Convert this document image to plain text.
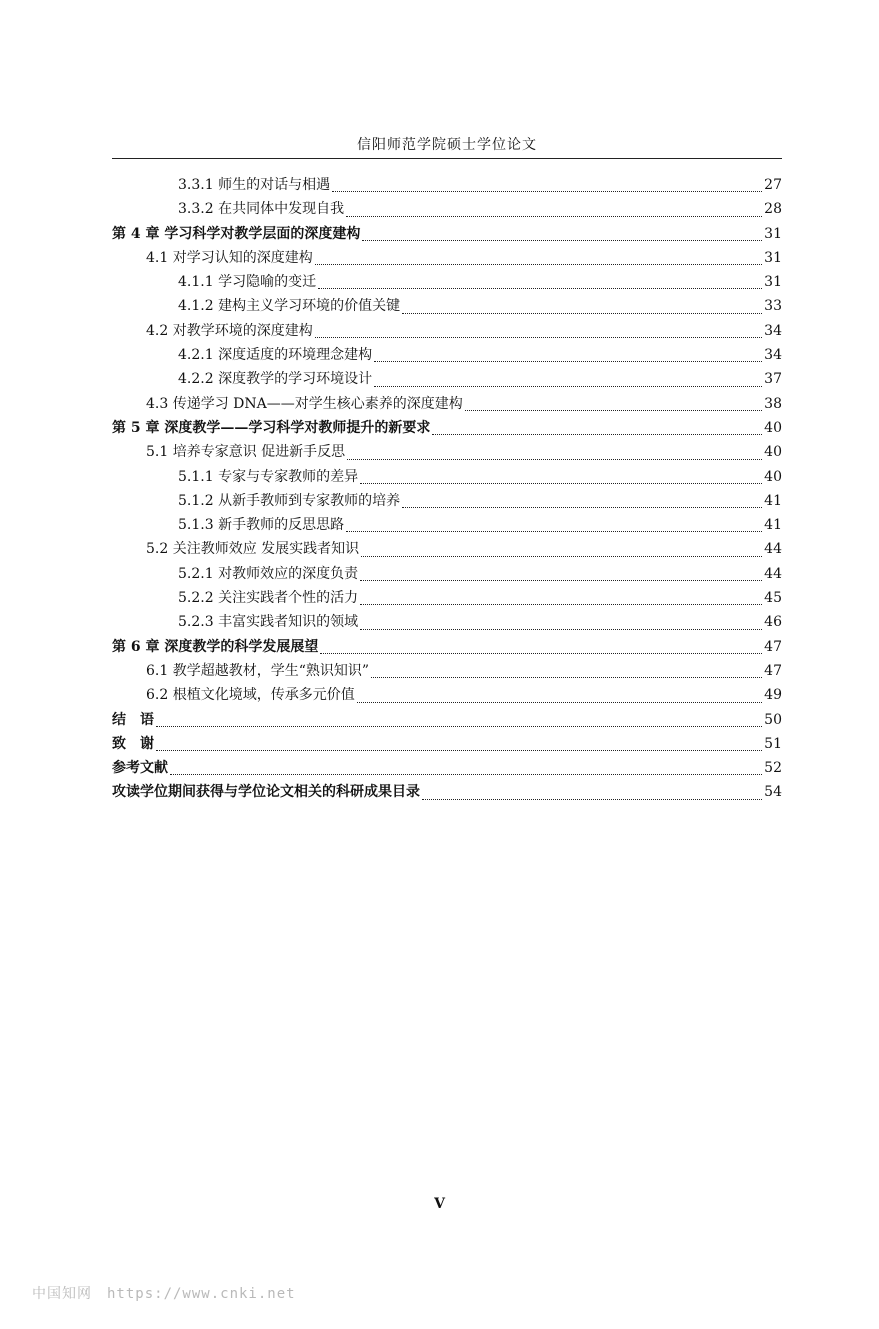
信阳师范学院硕士学位论文
3.3.1 师生的对话与相遇	27
3.3.2 在共同体中发现自我	28
第 4 章 学习科学对教学层面的深度建构	31
4.1 对学习认知的深度建构	31
4.1.1 学习隐喻的变迁	31
4.1.2 建构主义学习环境的价值关键	33
4.2 对教学环境的深度建构	34
4.2.1 深度适度的环境理念建构	34
4.2.2 深度教学的学习环境设计	37
4.3 传递学习 DNA——对学生核心素养的深度建构	38
第 5 章 深度教学——学习科学对教师提升的新要求	40
5.1 培养专家意识 促进新手反思	40
5.1.1 专家与专家教师的差异	40
5.1.2 从新手教师到专家教师的培养	41
5.1.3 新手教师的反思思路	41
5.2 关注教师效应 发展实践者知识	44
5.2.1 对教师效应的深度负责	44
5.2.2 关注实践者个性的活力	45
5.2.3 丰富实践者知识的领域	46
第 6 章 深度教学的科学发展展望	47
6.1 教学超越教材，学生“熟识知识”	47
6.2 根植文化境域，传承多元价值	49
结　语	50
致　谢	51
参考文献	52
攻读学位期间获得与学位论文相关的科研成果目录	54
V
中国知网　https://www.cnki.net
